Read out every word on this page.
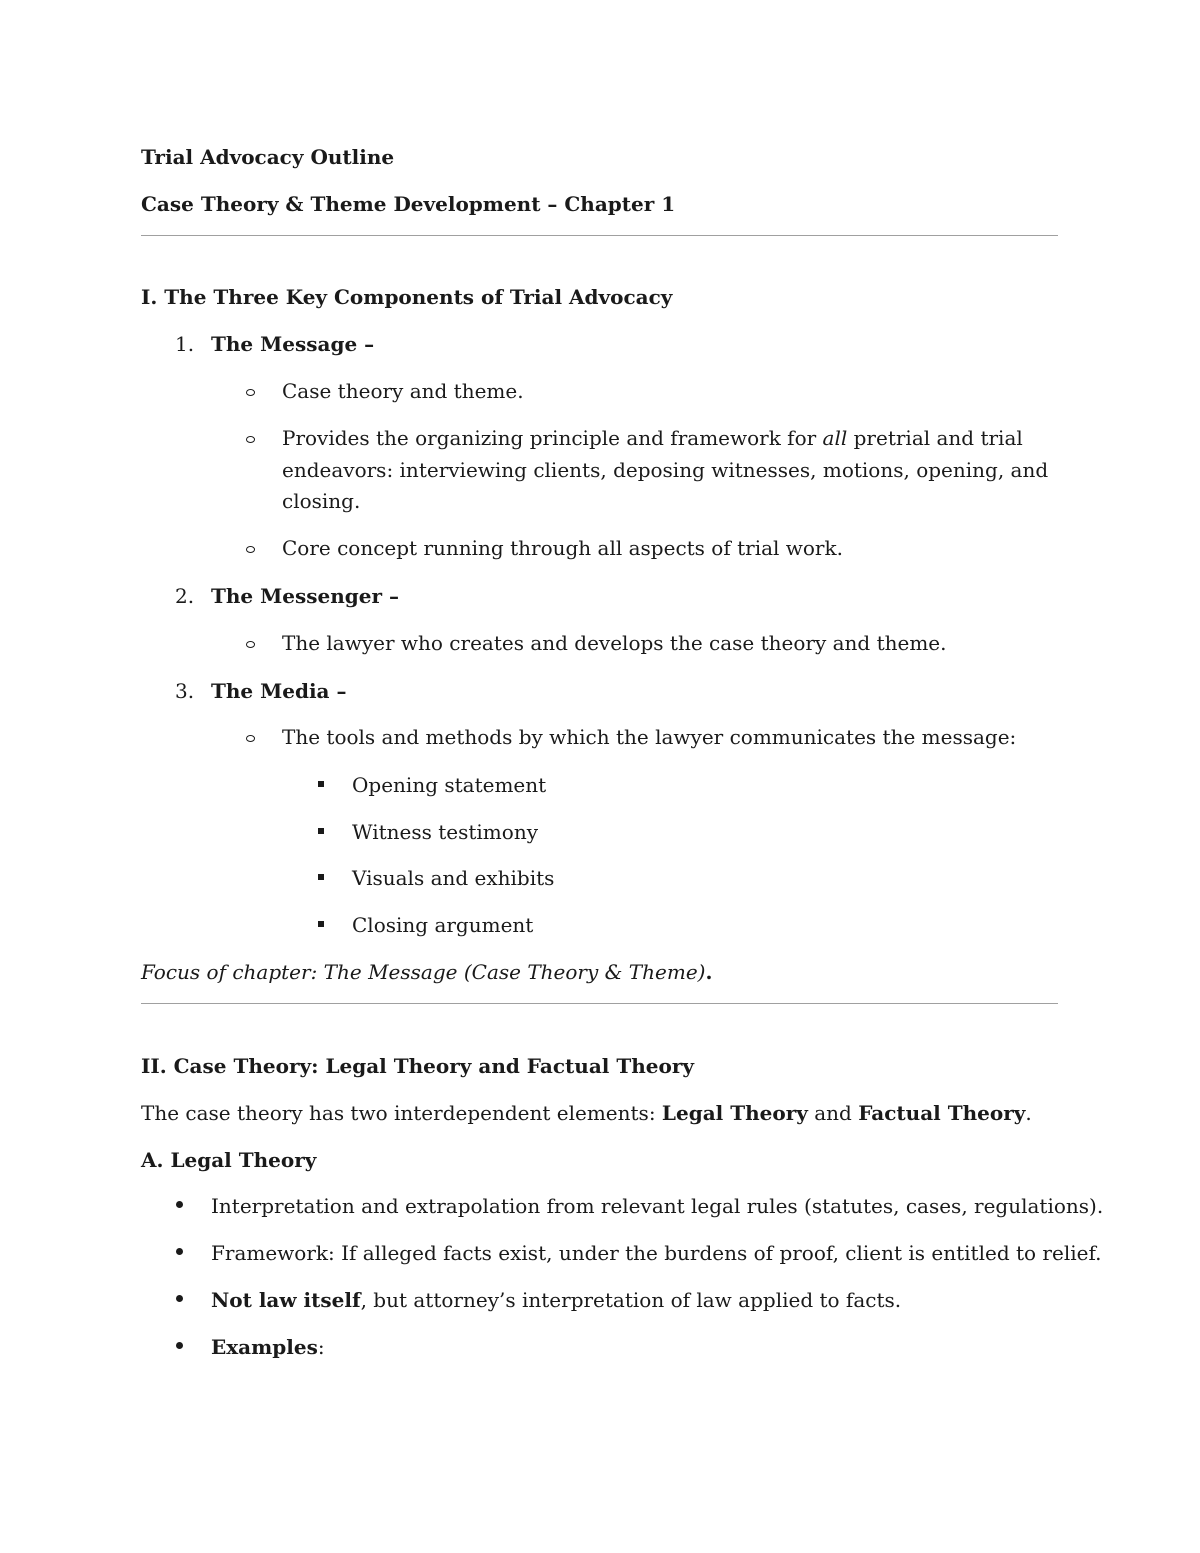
Trial Advocacy Outline
Case Theory & Theme Development – Chapter 1
I. The Three Key Components of Trial Advocacy
1. The Message –
Case theory and theme.
Provides the organizing principle and framework for all pretrial and trial
endeavors: interviewing clients, deposing witnesses, motions, opening, and
closing.
Core concept running through all aspects of trial work.
2. The Messenger –
The lawyer who creates and develops the case theory and theme.
3. The Media –
The tools and methods by which the lawyer communicates the message:
Opening statement
Witness testimony
Visuals and exhibits
Closing argument
Focus of chapter: The Message (Case Theory & Theme).
II. Case Theory: Legal Theory and Factual Theory
The case theory has two interdependent elements: Legal Theory and Factual Theory.
A. Legal Theory
Interpretation and extrapolation from relevant legal rules (statutes, cases, regulations).
Framework: If alleged facts exist, under the burdens of proof, client is entitled to relief.
Not law itself, but attorney’s interpretation of law applied to facts.
Examples:
